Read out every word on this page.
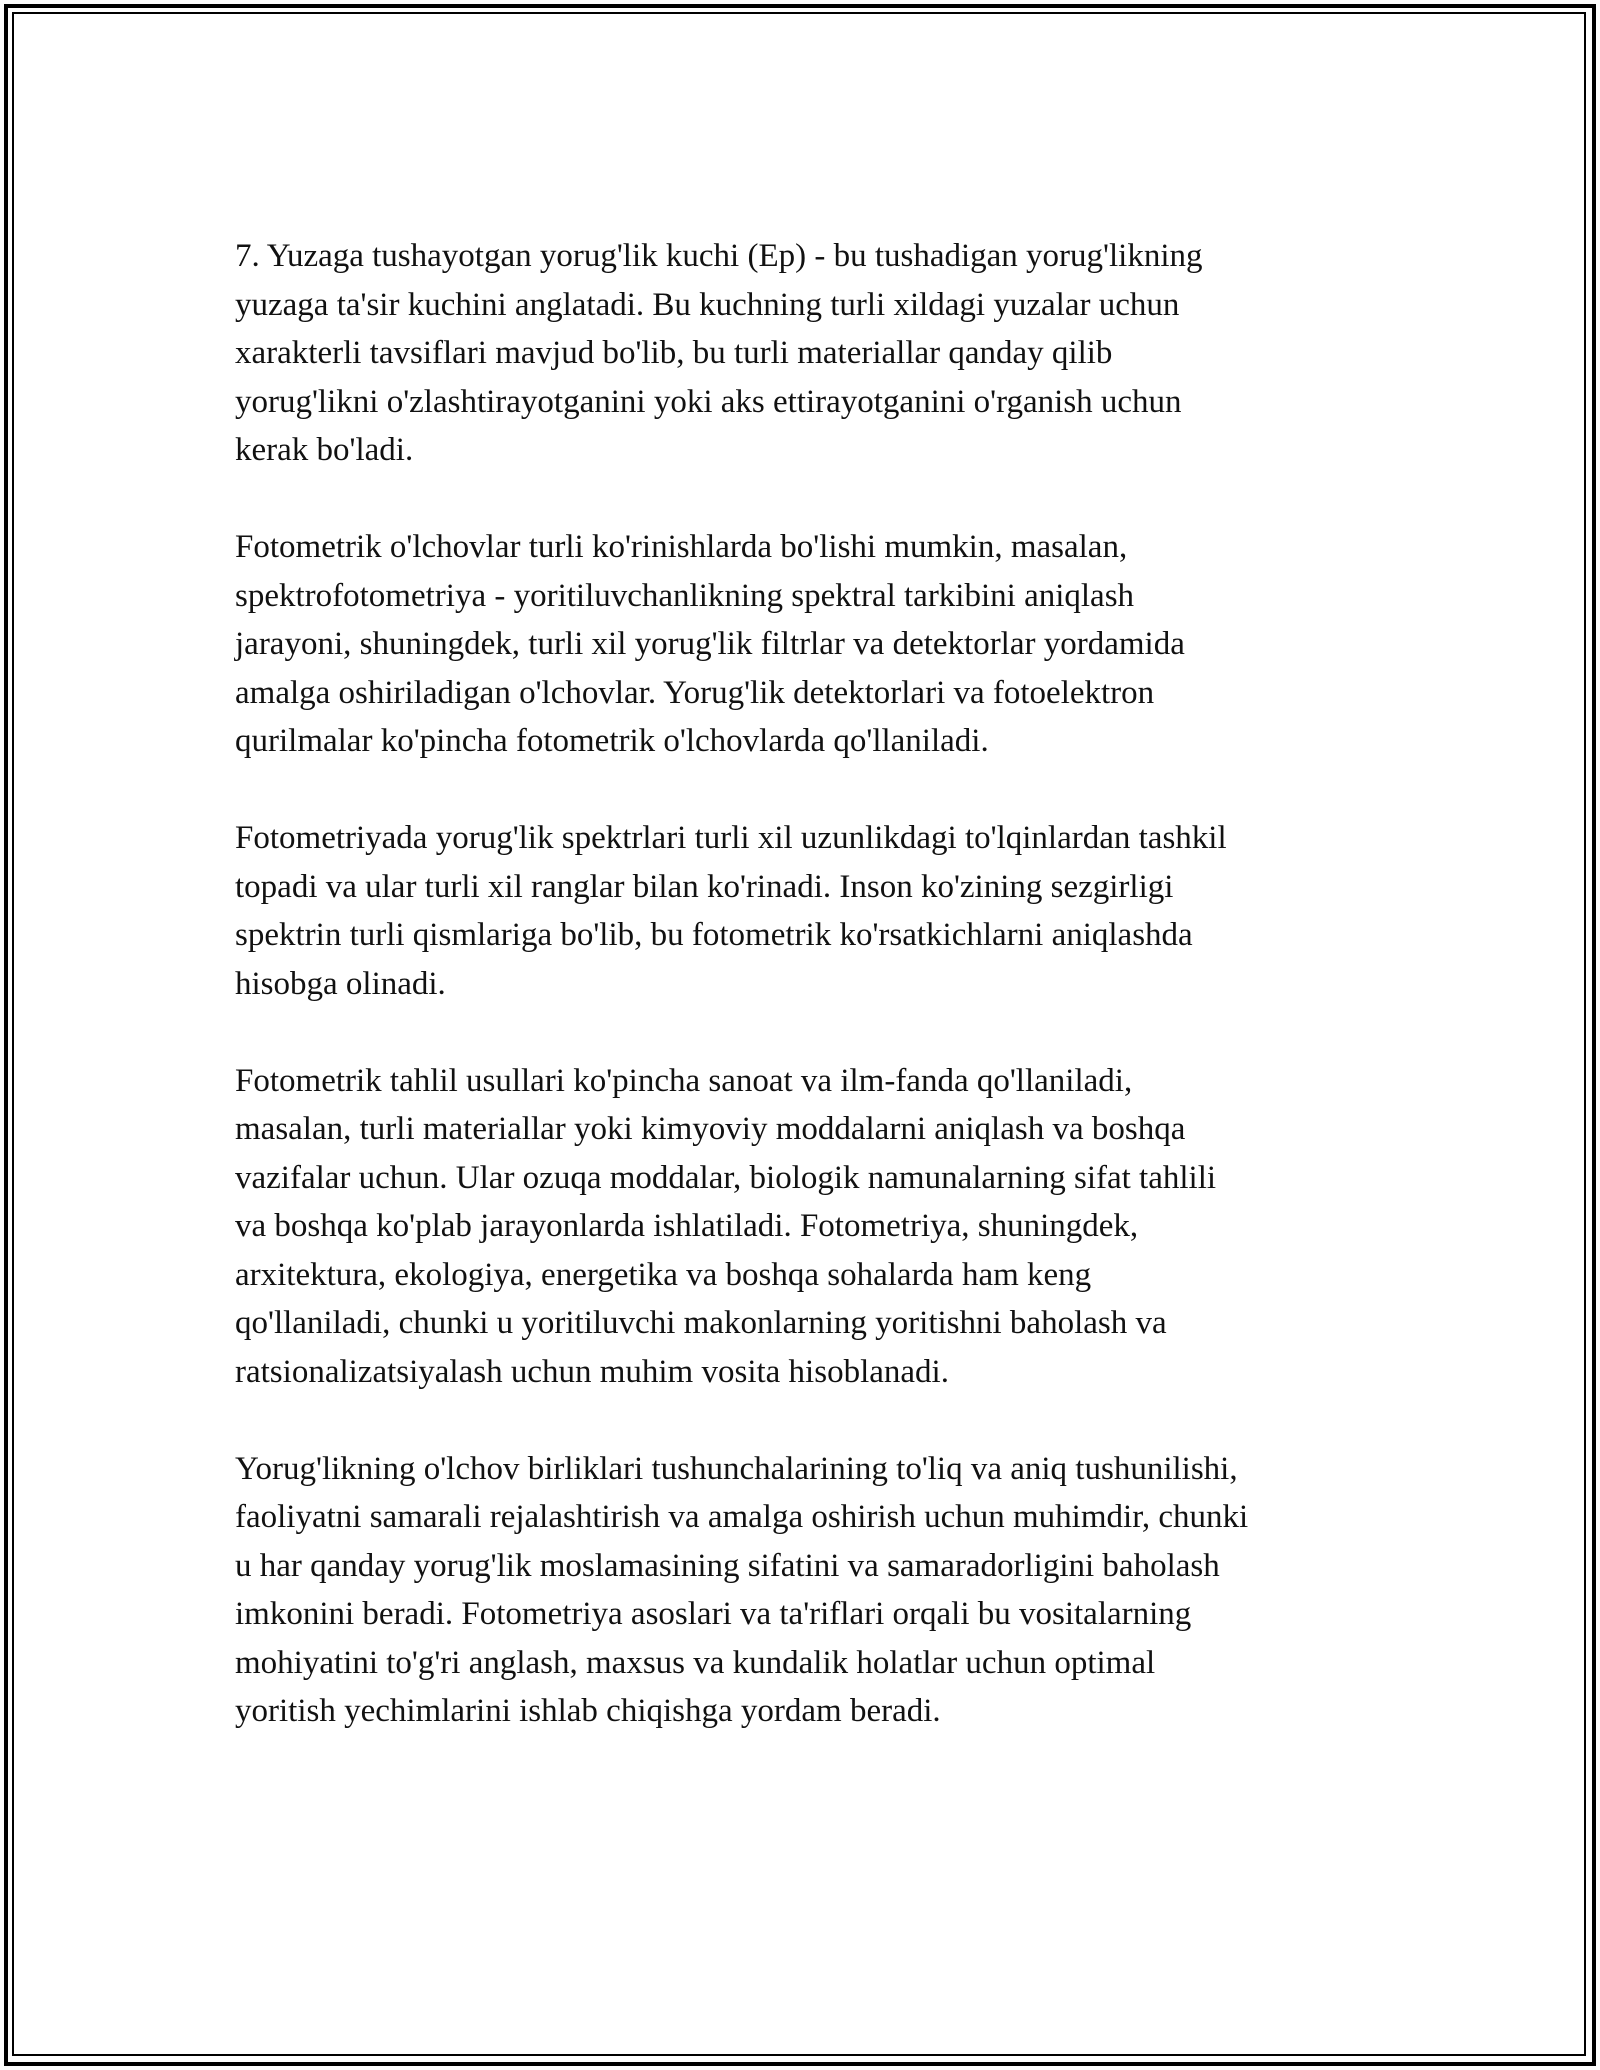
7. Yuzaga tushayotgan yorug'lik kuchi (Ep) - bu tushadigan yorug'likning
yuzaga ta'sir kuchini anglatadi. Bu kuchning turli xildagi yuzalar uchun
xarakterli tavsiflari mavjud bo'lib, bu turli materiallar qanday qilib
yorug'likni o'zlashtirayotganini yoki aks ettirayotganini o'rganish uchun
kerak bo'ladi.

Fotometrik o'lchovlar turli ko'rinishlarda bo'lishi mumkin, masalan,
spektrofotometriya - yoritiluvchanlikning spektral tarkibini aniqlash
jarayoni, shuningdek, turli xil yorug'lik filtrlar va detektorlar yordamida
amalga oshiriladigan o'lchovlar. Yorug'lik detektorlari va fotoelektron
qurilmalar ko'pincha fotometrik o'lchovlarda qo'llaniladi.

Fotometriyada yorug'lik spektrlari turli xil uzunlikdagi to'lqinlardan tashkil
topadi va ular turli xil ranglar bilan ko'rinadi. Inson ko'zining sezgirligi
spektrin turli qismlariga bo'lib, bu fotometrik ko'rsatkichlarni aniqlashda
hisobga olinadi.

Fotometrik tahlil usullari ko'pincha sanoat va ilm-fanda qo'llaniladi,
masalan, turli materiallar yoki kimyoviy moddalarni aniqlash va boshqa
vazifalar uchun. Ular ozuqa moddalar, biologik namunalarning sifat tahlili
va boshqa ko'plab jarayonlarda ishlatiladi. Fotometriya, shuningdek,
arxitektura, ekologiya, energetika va boshqa sohalarda ham keng
qo'llaniladi, chunki u yoritiluvchi makonlarning yoritishni baholash va
ratsionalizatsiyalash uchun muhim vosita hisoblanadi.

Yorug'likning o'lchov birliklari tushunchalarining to'liq va aniq tushunilishi,
faoliyatni samarali rejalashtirish va amalga oshirish uchun muhimdir, chunki
u har qanday yorug'lik moslamasining sifatini va samaradorligini baholash
imkonini beradi. Fotometriya asoslari va ta'riflari orqali bu vositalarning
mohiyatini to'g'ri anglash, maxsus va kundalik holatlar uchun optimal
yoritish yechimlarini ishlab chiqishga yordam beradi.
